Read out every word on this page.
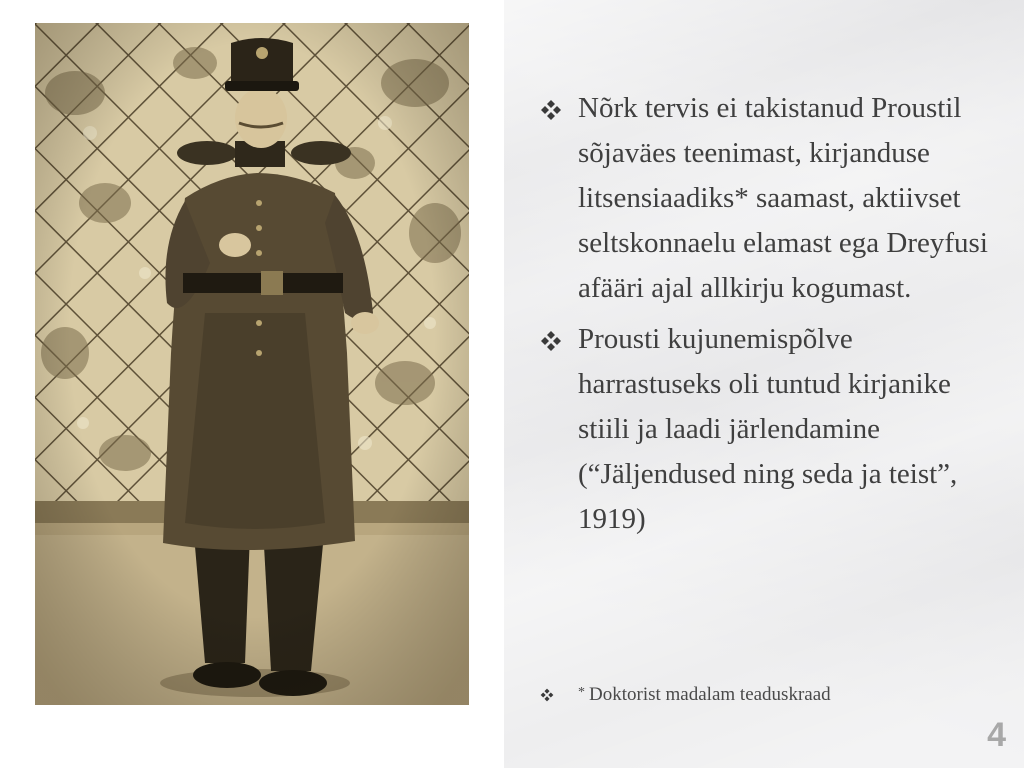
Nõrk tervis ei takistanud Proustil sõjaväes teenimast, kirjanduse litsensiaadiks* saamast, aktiivset seltskonnaelu elamast ega Dreyfusi afääri ajal allkirju kogumast.
Prousti kujunemispõlve harrastuseks oli tuntud kirjanike stiili ja laadi järlendamine (“Jäljendused ning seda ja teist”, 1919)
* Doktorist madalam teaduskraad
4
